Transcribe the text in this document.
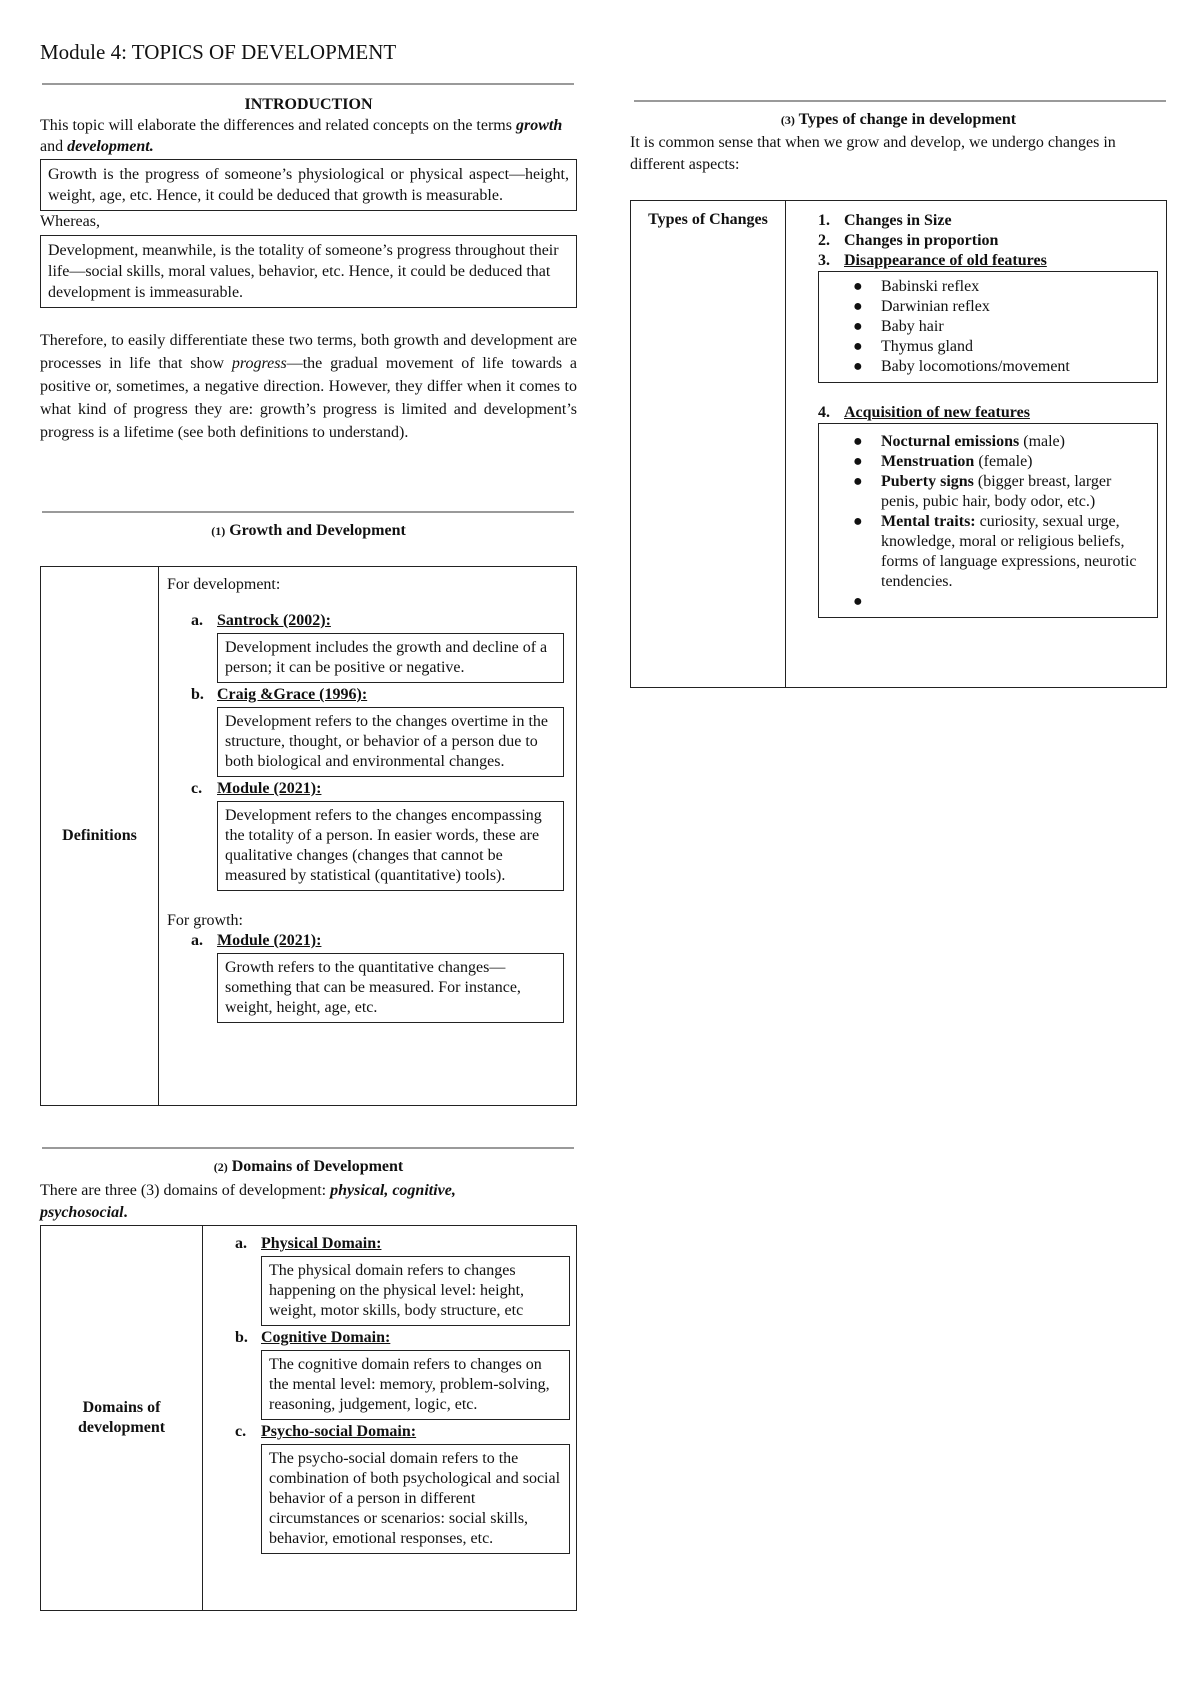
Module 4: TOPICS OF DEVELOPMENT
INTRODUCTION
This topic will elaborate the differences and related concepts on the terms growth and development.
Growth is the progress of someone’s physiological or physical aspect—height, weight, age, etc. Hence, it could be deduced that growth is measurable.
Whereas,
Development, meanwhile, is the totality of someone’s progress throughout their life—social skills, moral values, behavior, etc. Hence, it could be deduced that development is immeasurable.
Therefore, to easily differentiate these two terms, both growth and development are processes in life that show progress—the gradual movement of life towards a positive or, sometimes, a negative direction. However, they differ when it comes to what kind of progress they are: growth’s progress is limited and development’s progress is a lifetime (see both definitions to understand).
(1) Growth and Development
Definitions	
For development:
a. Santrock (2002):
Development includes the growth and decline of a person; it can be positive or negative.
b. Craig &Grace (1996):
Development refers to the changes overtime in the structure, thought, or behavior of a person due to both biological and environmental changes.
c. Module (2021):
Development refers to the changes encompassing the totality of a person. In easier words, these are qualitative changes (changes that cannot be measured by statistical (quantitative) tools).
For growth:
a. Module (2021):
Growth refers to the quantitative changes—something that can be measured. For instance, weight, height, age, etc.
(2) Domains of Development
There are three (3) domains of development: physical, cognitive, psychosocial.
Domains of development

a. Physical Domain:
The physical domain refers to changes happening on the physical level: height, weight, motor skills, body structure, etc
b. Cognitive Domain:
The cognitive domain refers to changes on the mental level: memory, problem-solving, reasoning, judgement, logic, etc.
c. Psycho-social Domain:
The psycho-social domain refers to the combination of both psychological and social behavior of a person in different circumstances or scenarios: social skills, behavior, emotional responses, etc.
(3) Types of change in development
It is common sense that when we grow and develop, we undergo changes in different aspects:
Types of Changes	1. Changes in Size
2. Changes in proportion
3. Disappearance of old features
● Babinski reflex
● Darwinian reflex
● Baby hair
● Thymus gland
● Baby locomotions/movement
4. Acquisition of new features
● Nocturnal emissions (male)
● Menstruation (female)
● Puberty signs (bigger breast, larger penis, pubic hair, body odor, etc.)
● Mental traits: curiosity, sexual urge, knowledge, moral or religious beliefs, forms of language expressions, neurotic tendencies.
●
